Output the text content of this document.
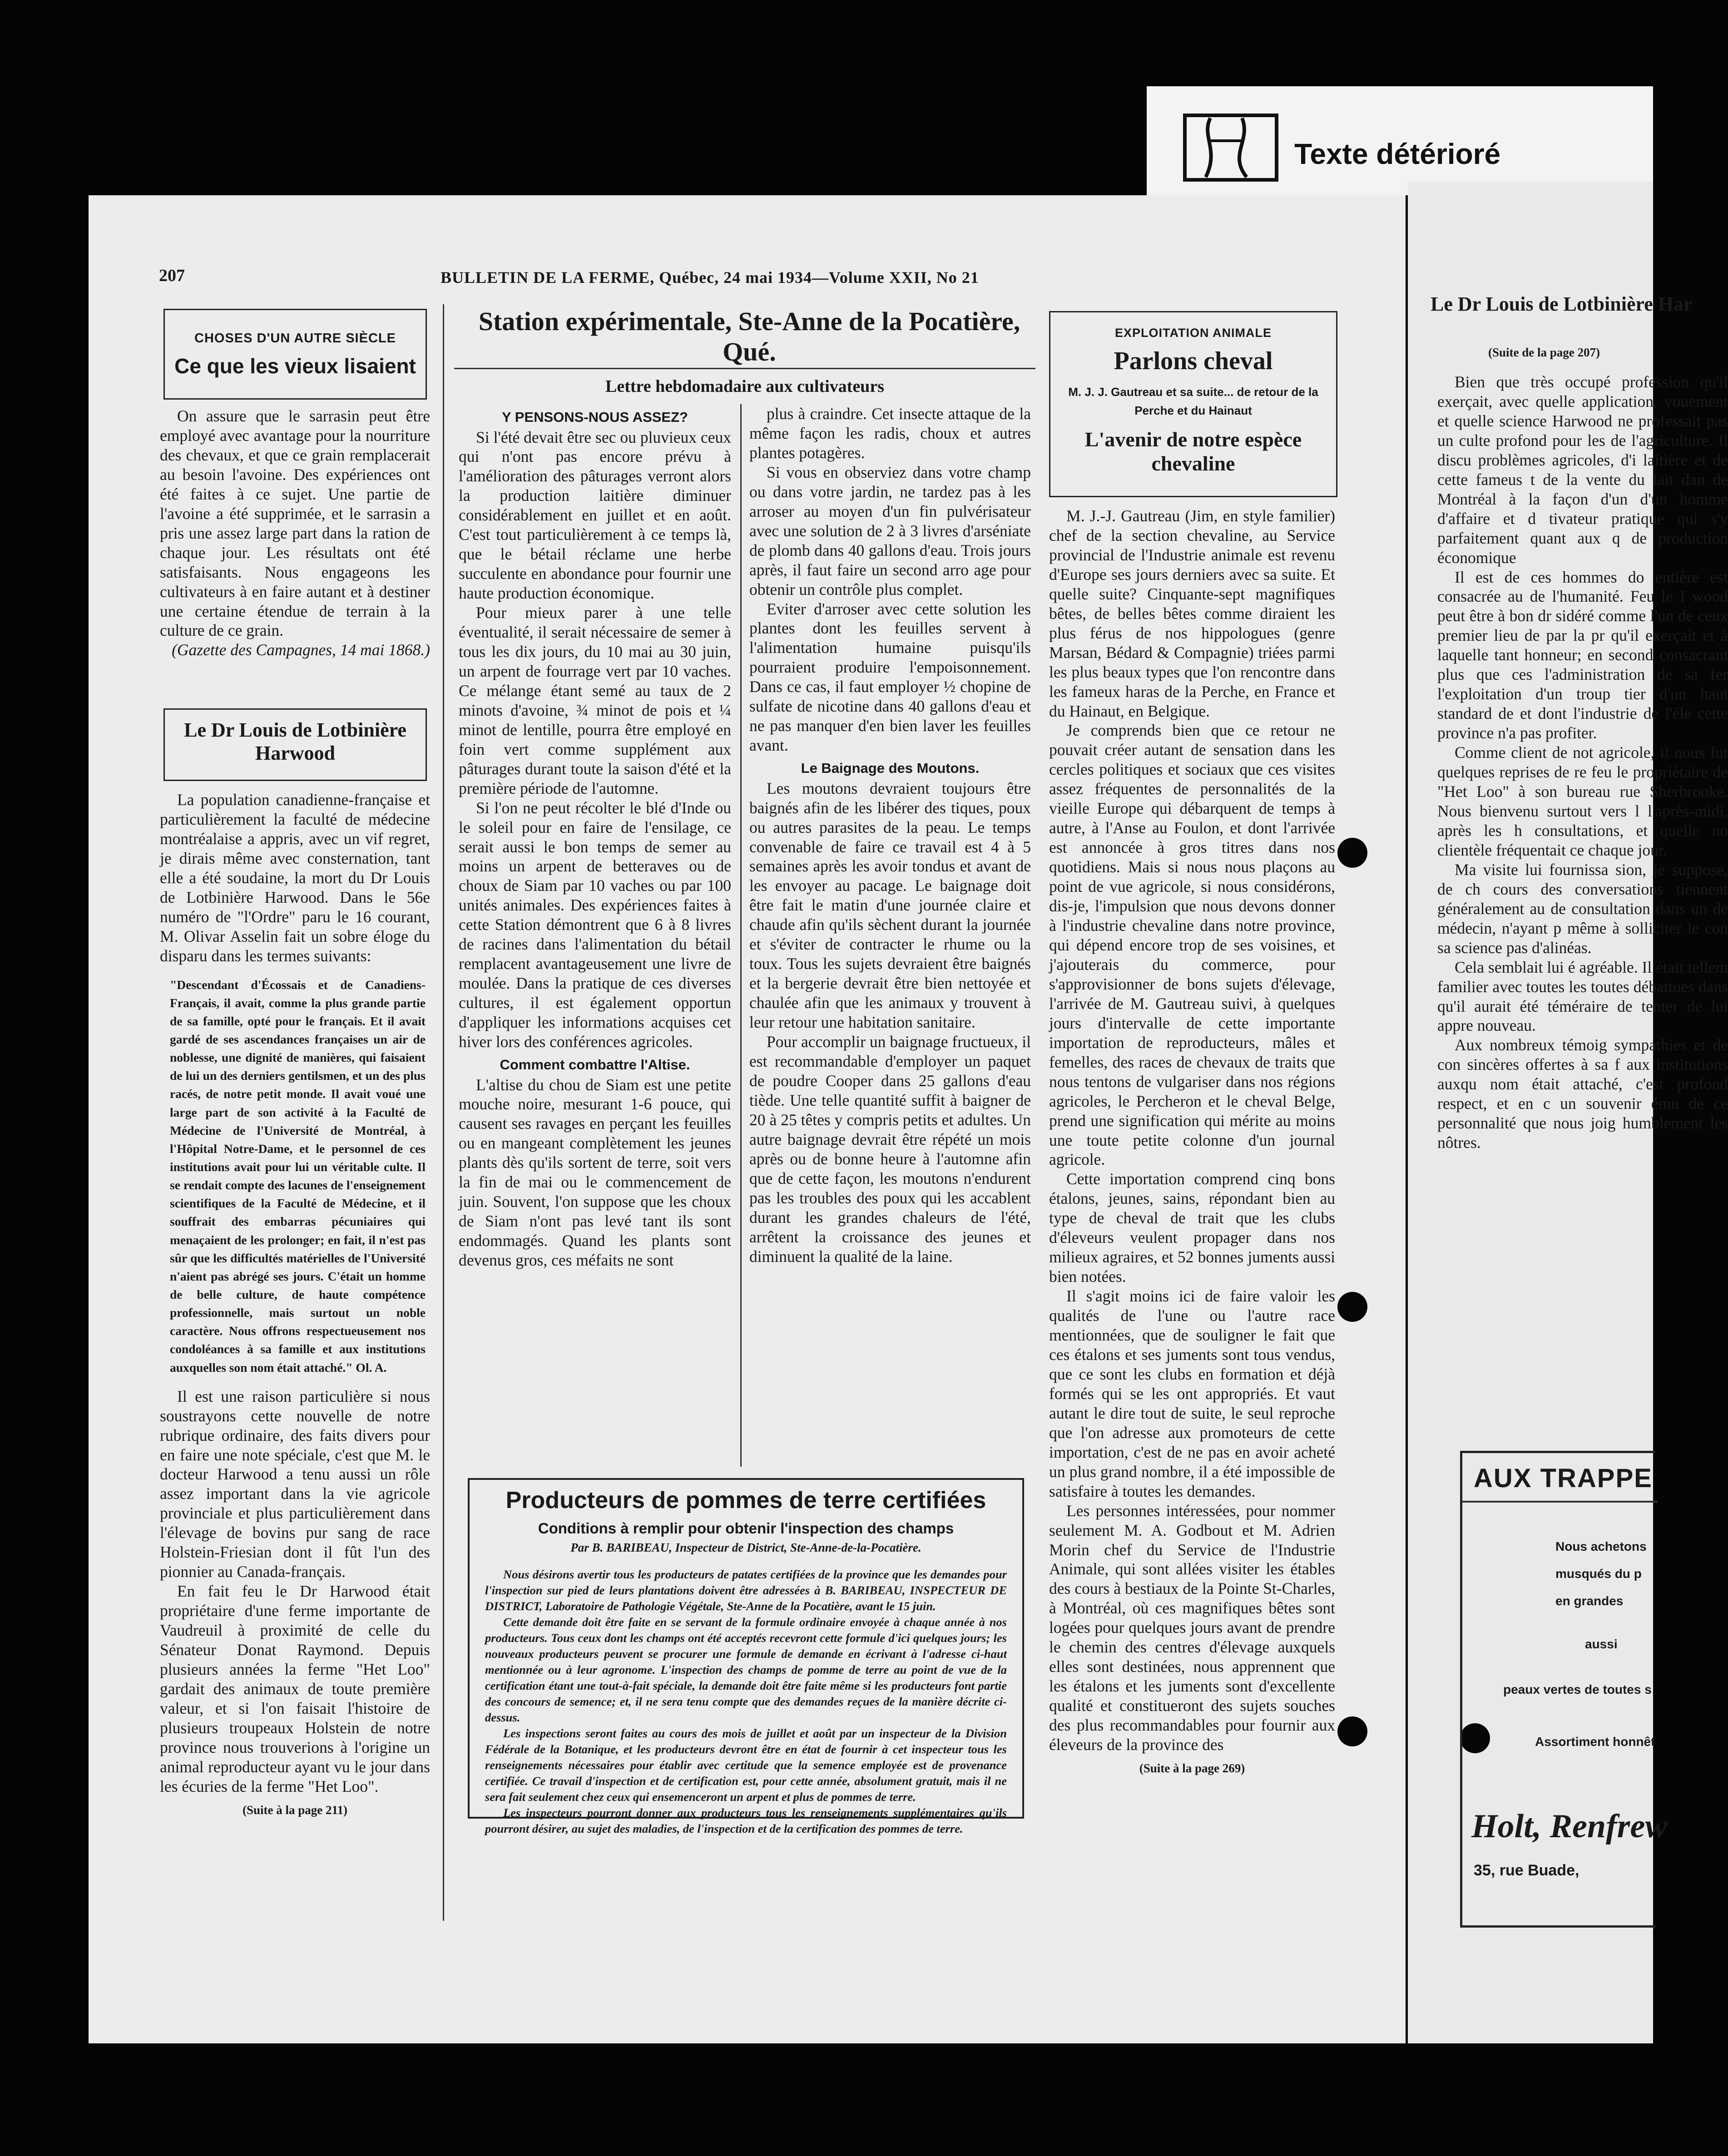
Texte détérioré
207	BULLETIN DE LA FERME, Québec, 24 mai 1934—Volume XXII, No 21
CHOSES D'UN AUTRE SIÈCLE
Ce que les vieux lisaient

On assure que le sarrasin peut être employé avec avantage pour la nourriture des chevaux, et que ce grain remplacerait au besoin l'avoine. Des expériences ont été faites à ce sujet. Une partie de l'avoine a été supprimée, et le sarrasin a pris une assez large part dans la ration de chaque jour. Les résultats ont été satisfaisants. Nous engageons les cultivateurs à en faire autant et à destiner une certaine étendue de terrain à la culture de ce grain.

(Gazette des Campagnes, 14 mai 1868.)

Le Dr Louis de Lotbinière Harwood

La population canadienne-française et particulièrement la faculté de médecine montréalaise a appris, avec un vif regret, je dirais même avec consternation, tant elle a été soudaine, la mort du Dr Louis de Lotbinière Harwood. Dans le 56e numéro de "l'Ordre" paru le 16 courant, M. Olivar Asselin fait un sobre éloge du disparu dans les termes suivants:

"Descendant d'Écossais et de Canadiens-Français, il avait, comme la plus grande partie de sa famille, opté pour le français. Et il avait gardé de ses ascendances françaises un air de noblesse, une dignité de manières, qui faisaient de lui un des derniers gentilsmen, et un des plus racés, de notre petit monde. Il avait voué une large part de son activité à la Faculté de Médecine de l'Université de Montréal, à l'Hôpital Notre-Dame, et le personnel de ces institutions avait pour lui un véritable culte. Il se rendait compte des lacunes de l'enseignement scientifiques de la Faculté de Médecine, et il souffrait des embarras pécuniaires qui menaçaient de les prolonger; en fait, il n'est pas sûr que les difficultés matérielles de l'Université n'aient pas abrégé ses jours. C'était un homme de belle culture, de haute compétence professionnelle, mais surtout un noble caractère. Nous offrons respectueusement nos condoléances à sa famille et aux institutions auxquelles son nom était attaché." Ol. A.

Il est une raison particulière si nous soustrayons cette nouvelle de notre rubrique ordinaire, des faits divers pour en faire une note spéciale, c'est que M. le docteur Harwood a tenu aussi un rôle assez important dans la vie agricole provinciale et plus particulièrement dans l'élevage de bovins pur sang de race Holstein-Friesian dont il fût l'un des pionnier au Canada-français.

En fait feu le Dr Harwood était propriétaire d'une ferme importante de Vaudreuil à proximité de celle du Sénateur Donat Raymond. Depuis plusieurs années la ferme "Het Loo" gardait des animaux de toute première valeur, et si l'on faisait l'histoire de plusieurs troupeaux Holstein de notre province nous trouverions à l'origine un animal reproducteur ayant vu le jour dans les écuries de la ferme "Het Loo".

(Suite à la page 211)

Station expérimentale, Ste-Anne de la Pocatière, Qué.
Lettre hebdomadaire aux cultivateurs

Y PENSONS-NOUS ASSEZ?

Si l'été devait être sec ou pluvieux ceux qui n'ont pas encore prévu à l'amélioration des pâturages verront alors la production laitière diminuer considérablement en juillet et en août. C'est tout particulièrement à ce temps là, que le bétail réclame une herbe succulente en abondance pour fournir une haute production économique.

Pour mieux parer à une telle éventualité, il serait nécessaire de semer à tous les dix jours, du 10 mai au 30 juin, un arpent de fourrage vert par 10 vaches. Ce mélange étant semé au taux de 2 minots d'avoine, ¾ minot de pois et ¼ minot de lentille, pourra être employé en foin vert comme supplément aux pâturages durant toute la saison d'été et la première période de l'automne.

Si l'on ne peut récolter le blé d'Inde ou le soleil pour en faire de l'ensilage, ce serait aussi le bon temps de semer au moins un arpent de betteraves ou de choux de Siam par 10 vaches ou par 100 unités animales. Des expériences faites à cette Station démontrent que 6 à 8 livres de racines dans l'alimentation du bétail remplacent avantageusement une livre de moulée. Dans la pratique de ces diverses cultures, il est également opportun d'appliquer les informations acquises cet hiver lors des conférences agricoles.

Comment combattre l'Altise.

L'altise du chou de Siam est une petite mouche noire, mesurant 1-6 pouce, qui causent ses ravages en perçant les feuilles ou en mangeant complètement les jeunes plants dès qu'ils sortent de terre, soit vers la fin de mai ou le commencement de juin. Souvent, l'on suppose que les choux de Siam n'ont pas levé tant ils sont endommagés. Quand les plants sont devenus gros, ces méfaits ne sont

plus à craindre. Cet insecte attaque de la même façon les radis, choux et autres plantes potagères.

Si vous en observiez dans votre champ ou dans votre jardin, ne tardez pas à les arroser au moyen d'un fin pulvérisateur avec une solution de 2 à 3 livres d'arséniate de plomb dans 40 gallons d'eau. Trois jours après, il faut faire un second arro age pour obtenir un contrôle plus complet.

Eviter d'arroser avec cette solution les plantes dont les feuilles servent à l'alimentation humaine puisqu'ils pourraient produire l'empoisonnement. Dans ce cas, il faut employer ½ chopine de sulfate de nicotine dans 40 gallons d'eau et ne pas manquer d'en bien laver les feuilles avant.

Le Baignage des Moutons.

Les moutons devraient toujours être baignés afin de les libérer des tiques, poux ou autres parasites de la peau. Le temps convenable de faire ce travail est 4 à 5 semaines après les avoir tondus et avant de les envoyer au pacage. Le baignage doit être fait le matin d'une journée claire et chaude afin qu'ils sèchent durant la journée et s'éviter de contracter le rhume ou la toux. Tous les sujets devraient être baignés et la bergerie devrait être bien nettoyée et chaulée afin que les animaux y trouvent à leur retour une habitation sanitaire.

Pour accomplir un baignage fructueux, il est recommandable d'employer un paquet de poudre Cooper dans 25 gallons d'eau tiède. Une telle quantité suffit à baigner de 20 à 25 têtes y compris petits et adultes. Un autre baignage devrait être répété un mois après ou de bonne heure à l'automne afin que de cette façon, les moutons n'endurent pas les troubles des poux qui les accablent durant les grandes chaleurs de l'été, arrêtent la croissance des jeunes et diminuent la qualité de la laine.

Producteurs de pommes de terre certifiées
Conditions à remplir pour obtenir l'inspection des champs
Par B. BARIBEAU, Inspecteur de District, Ste-Anne-de-la-Pocatière.

Nous désirons avertir tous les producteurs de patates certifiées de la province que les demandes pour l'inspection sur pied de leurs plantations doivent être adressées à B. BARIBEAU, INSPECTEUR DE DISTRICT, Laboratoire de Pathologie Végétale, Ste-Anne de la Pocatière, avant le 15 juin.

Cette demande doit être faite en se servant de la formule ordinaire envoyée à chaque année à nos producteurs. Tous ceux dont les champs ont été acceptés recevront cette formule d'ici quelques jours; les nouveaux producteurs peuvent se procurer une formule de demande en écrivant à l'adresse ci-haut mentionnée ou à leur agronome. L'inspection des champs de pomme de terre au point de vue de la certification étant une tout-à-fait spéciale, la demande doit être faite même si les producteurs font partie des concours de semence; et, il ne sera tenu compte que des demandes reçues de la manière décrite ci-dessus.

Les inspections seront faites au cours des mois de juillet et août par un inspecteur de la Division Fédérale de la Botanique, et les producteurs devront être en état de fournir à cet inspecteur tous les renseignements nécessaires pour établir avec certitude que la semence employée est de provenance certifiée. Ce travail d'inspection et de certification est, pour cette année, absolument gratuit, mais il ne sera fait seulement chez ceux qui ensemenceront un arpent et plus de pommes de terre.

Les inspecteurs pourront donner aux producteurs tous les renseignements supplémentaires qu'ils pourront désirer, au sujet des maladies, de l'inspection et de la certification des pommes de terre.

EXPLOITATION ANIMALE
Parlons cheval
M. J. J. Gautreau et sa suite... de retour de la Perche et du Hainaut
L'avenir de notre espèce chevaline

M. J.-J. Gautreau (Jim, en style familier) chef de la section chevaline, au Service provincial de l'Industrie animale est revenu d'Europe ses jours derniers avec sa suite. Et quelle suite? Cinquante-sept magnifiques bêtes, de belles bêtes comme diraient les plus férus de nos hippologues (genre Marsan, Bédard & Compagnie) triées parmi les plus beaux types que l'on rencontre dans les fameux haras de la Perche, en France et du Hainaut, en Belgique.

Je comprends bien que ce retour ne pouvait créer autant de sensation dans les cercles politiques et sociaux que ces visites assez fréquentes de personnalités de la vieille Europe qui débarquent de temps à autre, à l'Anse au Foulon, et dont l'arrivée est annoncée à gros titres dans nos quotidiens. Mais si nous nous plaçons au point de vue agricole, si nous considérons, dis-je, l'impulsion que nous devons donner à l'industrie chevaline dans notre province, qui dépend encore trop de ses voisines, et j'ajouterais du commerce, pour s'approvisionner de bons sujets d'élevage, l'arrivée de M. Gautreau suivi, à quelques jours d'intervalle de cette importante importation de reproducteurs, mâles et femelles, des races de chevaux de traits que nous tentons de vulgariser dans nos régions agricoles, le Percheron et le cheval Belge, prend une signification qui mérite au moins une toute petite colonne d'un journal agricole.

Cette importation comprend cinq bons étalons, jeunes, sains, répondant bien au type de cheval de trait que les clubs d'éleveurs veulent propager dans nos milieux agraires, et 52 bonnes juments aussi bien notées.

Il s'agit moins ici de faire valoir les qualités de l'une ou l'autre race mentionnées, que de souligner le fait que ces étalons et ses juments sont tous vendus, que ce sont les clubs en formation et déjà formés qui se les ont appropriés. Et vaut autant le dire tout de suite, le seul reproche que l'on adresse aux promoteurs de cette importation, c'est de ne pas en avoir acheté un plus grand nombre, il a été impossible de satisfaire à toutes les demandes.

Les personnes intéressées, pour nommer seulement M. A. Godbout et M. Adrien Morin chef du Service de l'Industrie Animale, qui sont allées visiter les étables des cours à bestiaux de la Pointe St-Charles, à Montréal, où ces magnifiques bêtes sont logées pour quelques jours avant de prendre le chemin des centres d'élevage auxquels elles sont destinées, nous apprennent que les étalons et les juments sont d'excellente qualité et constitueront des sujets souches des plus recommandables pour fournir aux éleveurs de la province des

(Suite à la page 269)

Le Dr Louis de Lotbinière Har
(Suite de la page 207)

Bien que très occupé profession qu'il exerçait, avec quelle application, vouement et quelle science Harwood ne professait pas un culte profond pour les de l'agriculture. Il discu problèmes agricoles, d'i laitière et de cette fameus t de la vente du lait dan de Montréal à la façon d'un d'un homme d'affaire et d tivateur pratique qui s'y parfaitement quant aux q de production économique

Il est de ces hommes do entière est consacrée au de l'humanité. Feu le I wood peut être à bon dr sidéré comme l'un de ceux premier lieu de par la pr qu'il exerçait et à laquelle tant honneur; en second consacrant plus que ces l'administration de sa fer l'exploitation d'un troup tier d'un haut standard de et dont l'industrie de l'éle cette province n'a pas profiter.

Comme client de not agricole, il nous fut quelques reprises de re feu le propriétaire de "Het Loo" à son bureau rue Sherbrooke. Nous bienvenu surtout vers l l'après-midi, après les h consultations, et quelle no clientèle fréquentait ce chaque jour.

Ma visite lui fournissa sion, je suppose, de ch cours des conversations tiennent généralement au de consultation dans un de médecin, n'ayant p même à solliciter le con sa science pas d'alinéas.

Cela semblait lui é agréable. Il était tellem familier avec toutes les toutes débattues dans qu'il aurait été téméraire de tenter de lui appre nouveau.

Aux nombreux témoig sympathies et de con sincères offertes à sa f aux institutions auxqu nom était attaché, c'est profond respect, et en c un souvenir ému de ce personnalité que nous joig humblement les nôtres.

AUX TRAPPE
Nous achetons
musqués du p
en grandes
aussi
peaux vertes de toutes s
Assortiment honnêt
Holt, Renfrew
35, rue Buade,
